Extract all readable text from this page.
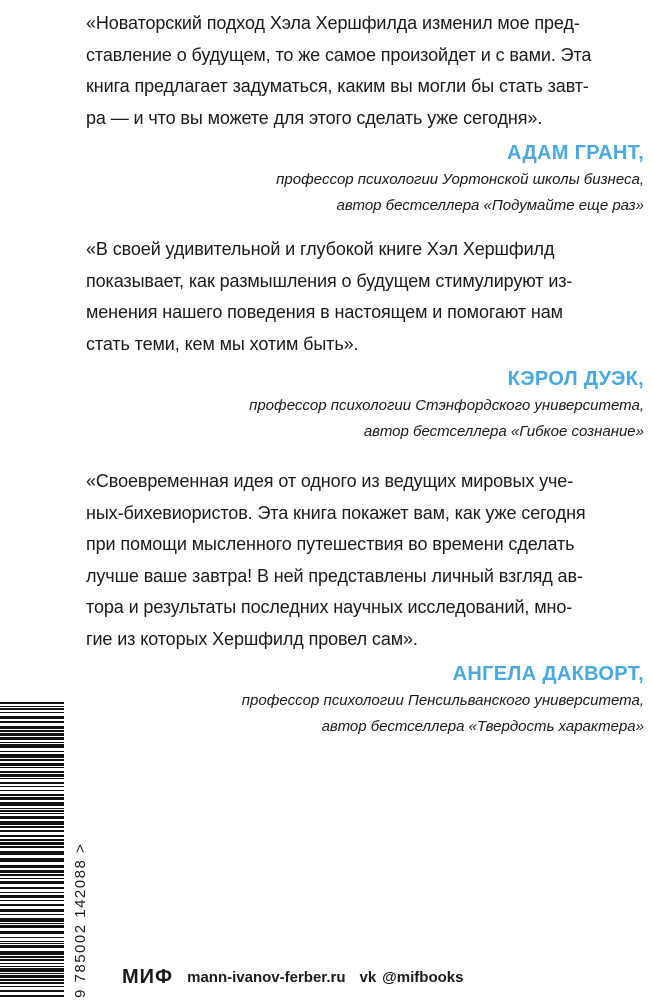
«Новаторский подход Хэла Хершфилда изменил мое пред-
ставление о будущем, то же самое произойдет и с вами. Эта
книга предлагает задуматься, каким вы могли бы стать завт-
ра — и что вы можете для этого сделать уже сегодня».

АДАМ ГРАНТ,
профессор психологии Уортонской школы бизнеса,
автор бестселлера «Подумайте еще раз»

«В своей удивительной и глубокой книге Хэл Хершфилд
показывает, как размышления о будущем стимулируют из-
менения нашего поведения в настоящем и помогают нам
стать теми, кем мы хотим быть».

КЭРОЛ ДУЭК,
профессор психологии Стэнфордского университета,
автор бестселлера «Гибкое сознание»

«Своевременная идея от одного из ведущих мировых уче-
ных-бихевиористов. Эта книга покажет вам, как уже сегодня
при помощи мысленного путешествия во времени сделать
лучше ваше завтра! В ней представлены личный взгляд ав-
тора и результаты последних научных исследований, мно-
гие из которых Хершфилд провел сам».

АНГЕЛА ДАКВОРТ,
профессор психологии Пенсильванского университета,
автор бестселлера «Твердость характера»
9 785002 142088 > МИФ mann-ivanov-ferber.ru vk @mifbooks
